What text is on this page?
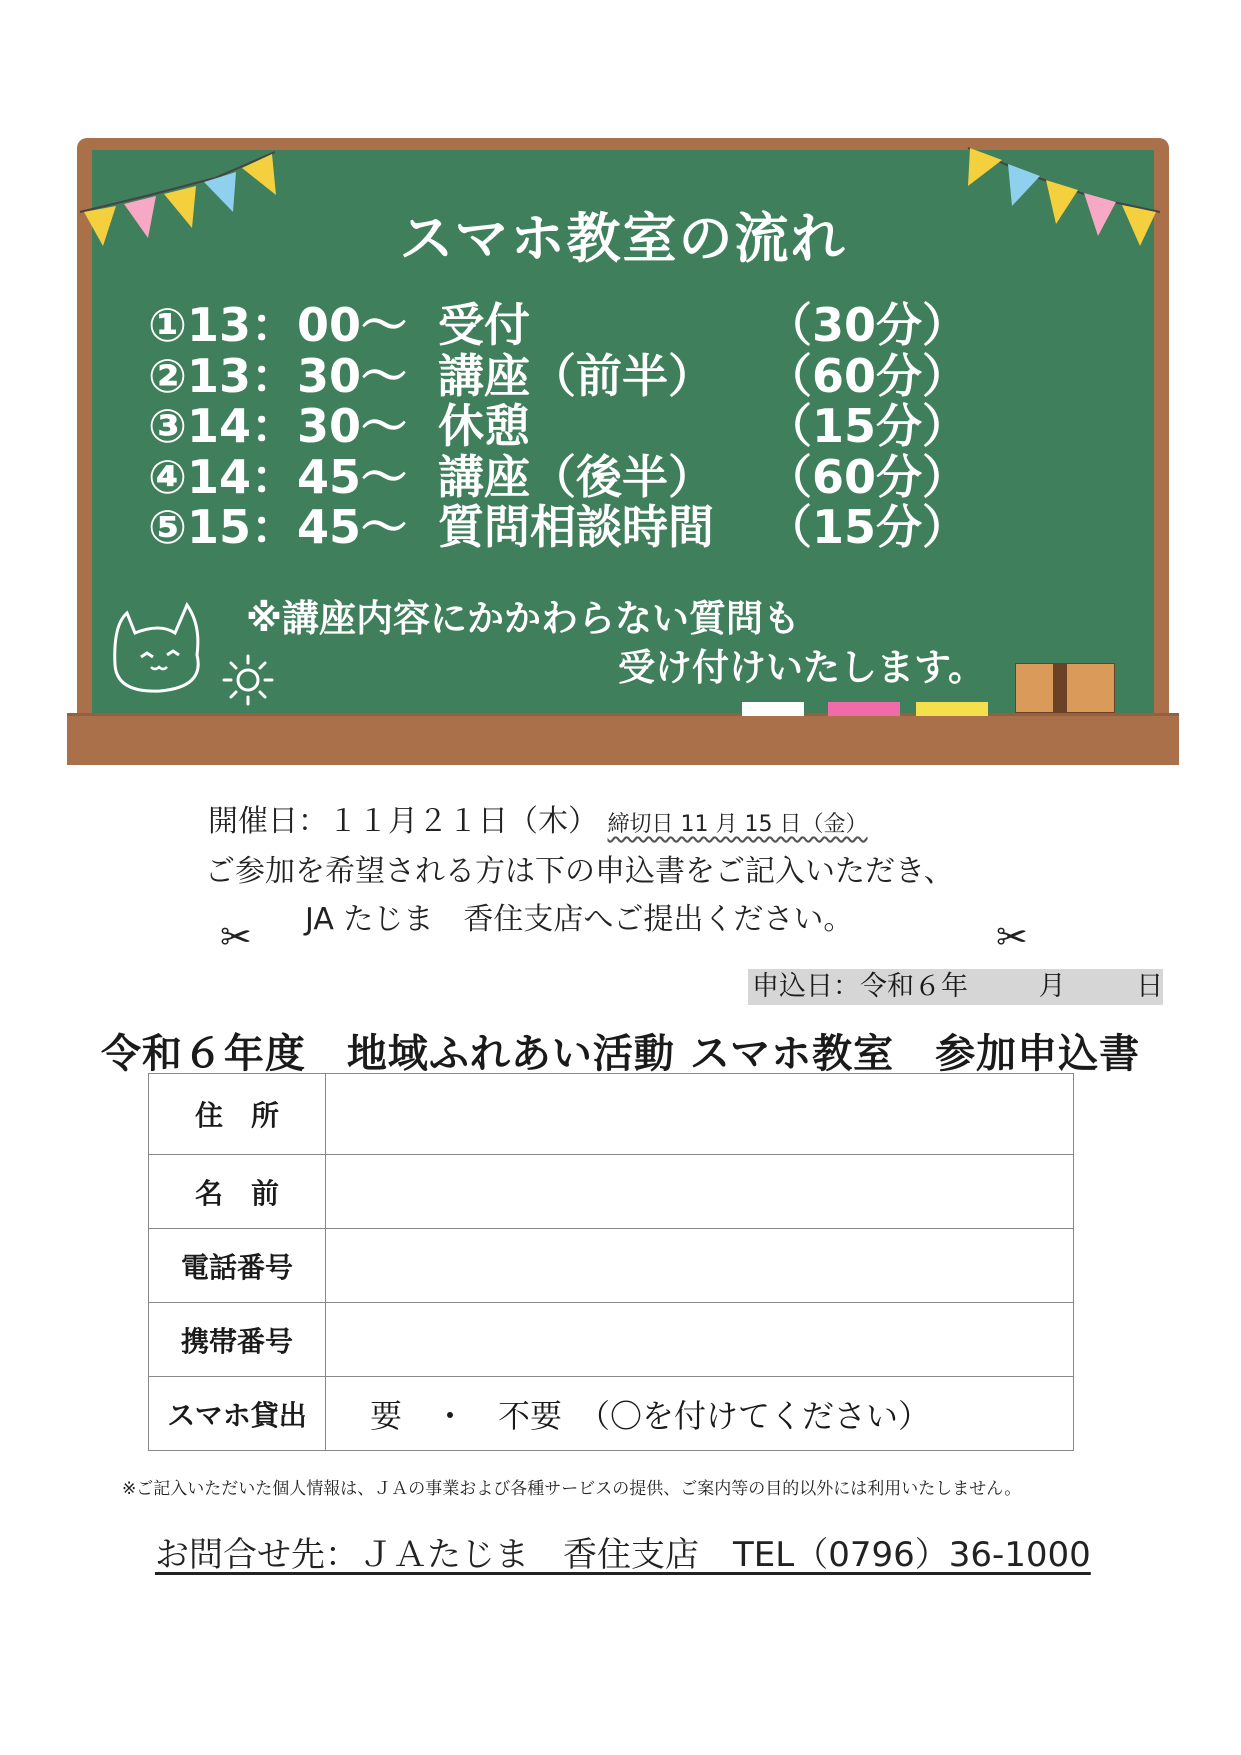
スマホ教室の流れ
①13：00～ 受付	（30分）
②13：30～ 講座（前半）	（60分）
③14：30～ 休憩	（15分）
④14：45～ 講座（後半）	（60分）
⑤15：45～ 質問相談時間	（15分）
※講座内容にかかわらない質問も
受け付けいたします。
開催日：１１月２１日（木） 締切日 11 月 15 日（金）
ご参加を希望される方は下の申込書をご記入いただき、
JA たじま　香住支店へご提出ください。
✂	✂
申込日：令和６年	月	日
令和６年度　地域ふれあい活動 スマホ教室　参加申込書
住　所	
名　前	
電話番号	
携帯番号	
スマホ貸出	要　・　不要　（〇を付けてください）
※ご記入いただいた個人情報は、ＪＡの事業および各種サービスの提供、ご案内等の目的以外には利用いたしません。
お問合せ先：ＪＡたじま　香住支店　TEL（0796）36-1000
